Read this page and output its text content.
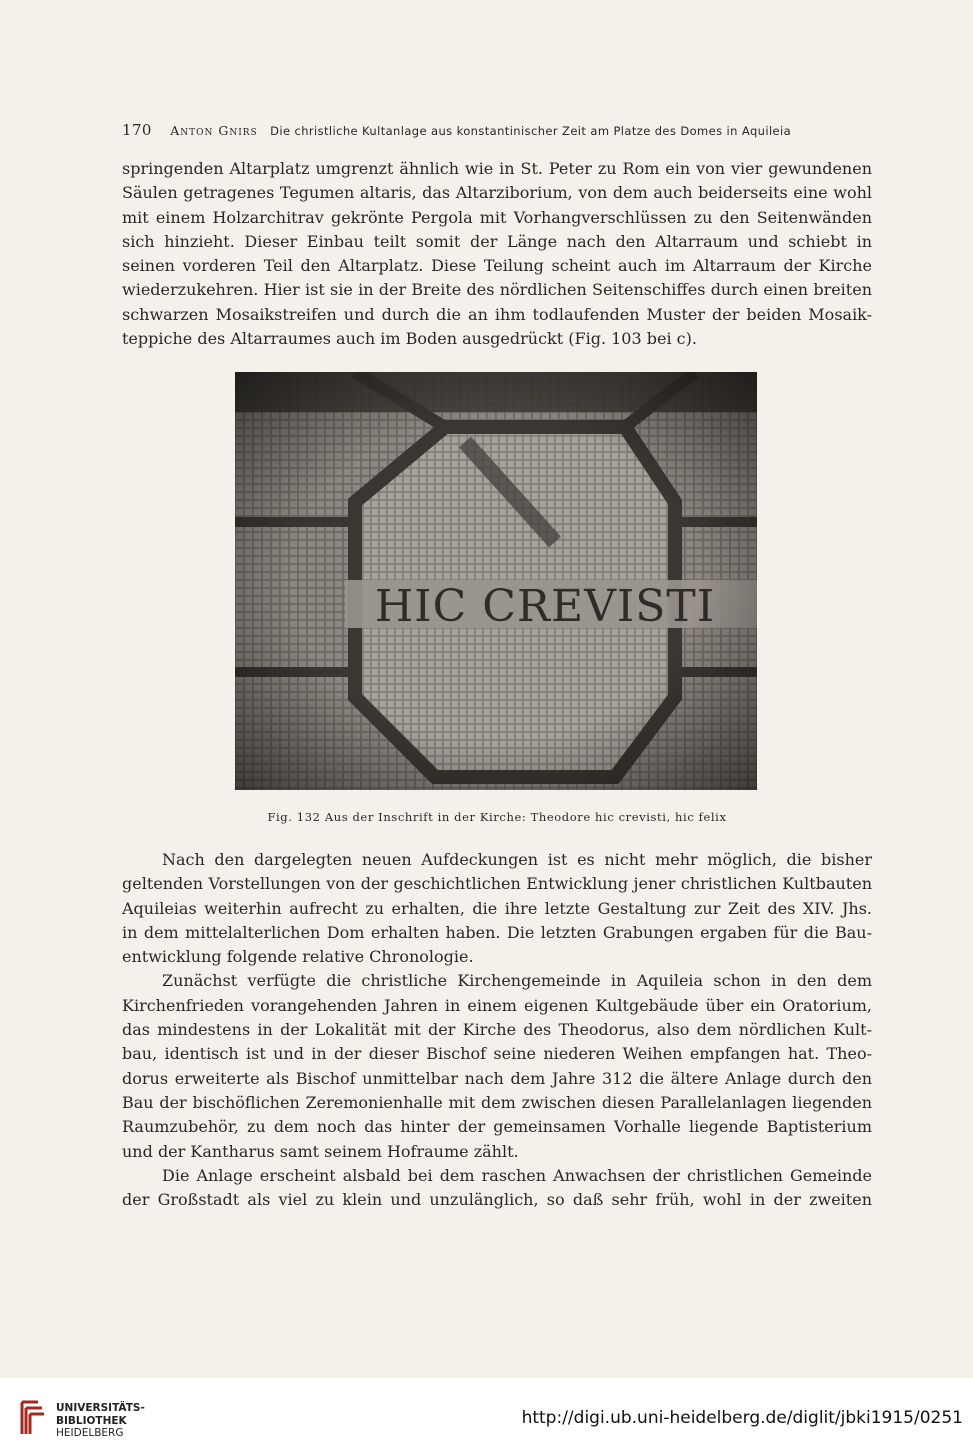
170 Anton Gnirs Die christliche Kultanlage aus konstantinischer Zeit am Platze des Domes in Aquileia
springenden Altarplatz umgrenzt ähnlich wie in St. Peter zu Rom ein von vier gewundenen
Säulen getragenes Tegumen altaris, das Altarziborium, von dem auch beiderseits eine wohl
mit einem Holzarchitrav gekrönte Pergola mit Vorhangverschlüssen zu den Seitenwänden
sich hinzieht. Dieser Einbau teilt somit der Länge nach den Altarraum und schiebt in
seinen vorderen Teil den Altarplatz. Diese Teilung scheint auch im Altarraum der Kirche
wiederzukehren. Hier ist sie in der Breite des nördlichen Seitenschiffes durch einen breiten
schwarzen Mosaikstreifen und durch die an ihm todlaufenden Muster der beiden Mosaik-
teppiche des Altarraumes auch im Boden ausgedrückt (Fig. 103 bei c).
Fig. 132 Aus der Inschrift in der Kirche: Theodore hic crevisti, hic felix

Nach den dargelegten neuen Aufdeckungen ist es nicht mehr möglich, die bisher
geltenden Vorstellungen von der geschichtlichen Entwicklung jener christlichen Kultbauten
Aquileias weiterhin aufrecht zu erhalten, die ihre letzte Gestaltung zur Zeit des XIV. Jhs.
in dem mittelalterlichen Dom erhalten haben. Die letzten Grabungen ergaben für die Bau-
entwicklung folgende relative Chronologie.

Zunächst verfügte die christliche Kirchengemeinde in Aquileia schon in den dem
Kirchenfrieden vorangehenden Jahren in einem eigenen Kultgebäude über ein Oratorium,
das mindestens in der Lokalität mit der Kirche des Theodorus, also dem nördlichen Kult-
bau, identisch ist und in der dieser Bischof seine niederen Weihen empfangen hat. Theo-
dorus erweiterte als Bischof unmittelbar nach dem Jahre 312 die ältere Anlage durch den
Bau der bischöflichen Zeremonienhalle mit dem zwischen diesen Parallelanlagen liegenden
Raumzubehör, zu dem noch das hinter der gemeinsamen Vorhalle liegende Baptisterium
und der Kantharus samt seinem Hofraume zählt.

Die Anlage erscheint alsbald bei dem raschen Anwachsen der christlichen Gemeinde
der Großstadt als viel zu klein und unzulänglich, so daß sehr früh, wohl in der zweiten

UNIVERSITÄTS-
BIBLIOTHEK
HEIDELBERG
http://digi.ub.uni-heidelberg.de/diglit/jbki1915/0251
